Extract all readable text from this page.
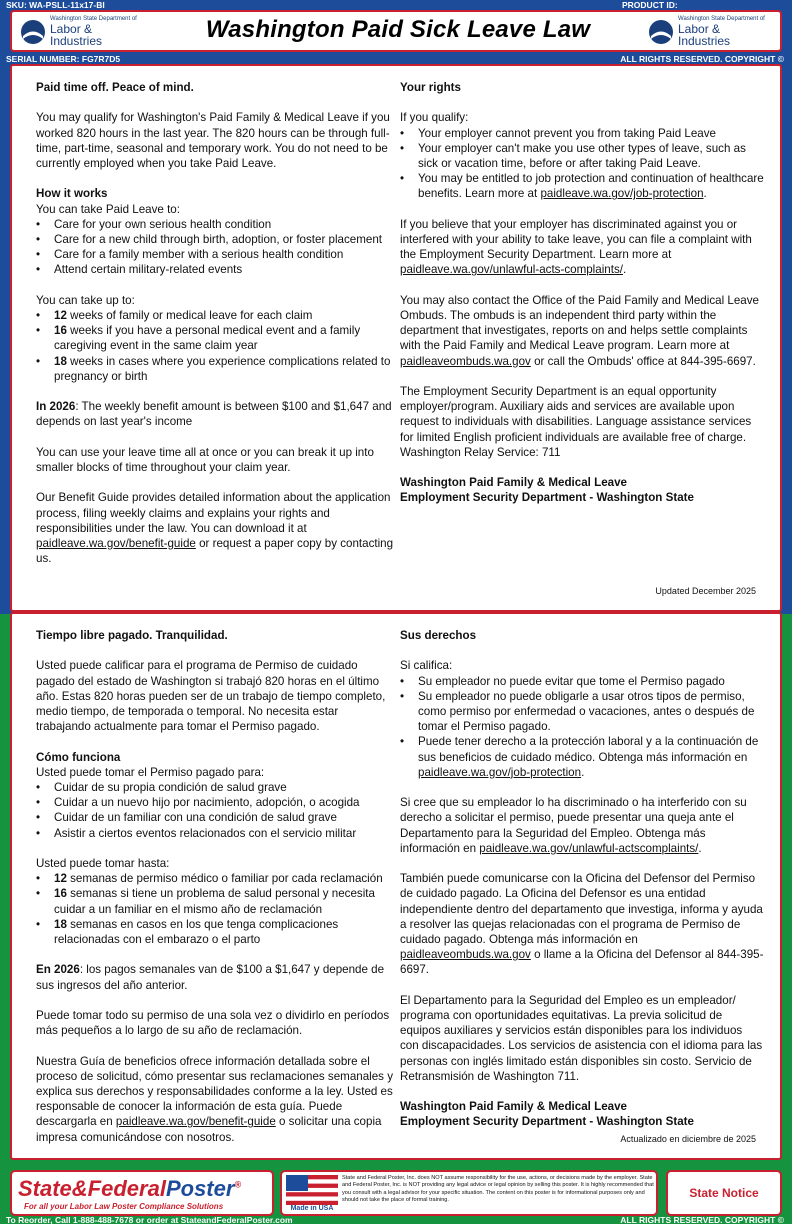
SKU: WA-PSLL-11x17-BI	PRODUCT ID:
SERIAL NUMBER: FG7R7D5	ALL RIGHTS RESERVED. COPYRIGHT ©
Washington State Department of
Labor & Industries	Washington Paid Sick Leave Law	Washington State Department of
Labor & Industries

Paid time off. Peace of mind.

You may qualify for Washington's Paid Family & Medical Leave if you worked 820 hours in the last year. The 820 hours can be through full-time, part-time, seasonal and temporary work. You do not need to be currently employed when you take Paid Leave.

How it works
You can take Paid Leave to:
• Care for your own serious health condition
• Care for a new child through birth, adoption, or foster placement
• Care for a family member with a serious health condition
• Attend certain military-related events
You can take up to:
• 12 weeks of family or medical leave for each claim
• 16 weeks if you have a personal medical event and a family caregiving event in the same claim year
• 18 weeks in cases where you experience complications related to pregnancy or birth

In 2026: The weekly benefit amount is between $100 and $1,647 and depends on last year's income

You can use your leave time all at once or you can break it up into smaller blocks of time throughout your claim year.

Our Benefit Guide provides detailed information about the application process, filing weekly claims and explains your rights and responsibilities under the law. You can download it at paidleave.wa.gov/benefit-guide or request a paper copy by contacting us.

Your rights

If you qualify:
• Your employer cannot prevent you from taking Paid Leave
• Your employer can't make you use other types of leave, such as sick or vacation time, before or after taking Paid Leave.
• You may be entitled to job protection and continuation of healthcare benefits. Learn more at paidleave.wa.gov/job-protection.

If you believe that your employer has discriminated against you or interfered with your ability to take leave, you can file a complaint with the Employment Security Department. Learn more at paidleave.wa.gov/unlawful-acts-complaints/.

You may also contact the Office of the Paid Family and Medical Leave Ombuds. The ombuds is an independent third party within the department that investigates, reports on and helps settle complaints with the Paid Family and Medical Leave program. Learn more at paidleaveombuds.wa.gov or call the Ombuds' office at 844-395-6697.

The Employment Security Department is an equal opportunity employer/program. Auxiliary aids and services are available upon request to individuals with disabilities. Language assistance services for limited English proficient individuals are available free of charge. Washington Relay Service: 711

Washington Paid Family & Medical Leave
Employment Security Department - Washington State
Updated December 2025

Tiempo libre pagado. Tranquilidad.

Usted puede calificar para el programa de Permiso de cuidado pagado del estado de Washington si trabajó 820 horas en el último año. Estas 820 horas pueden ser de un trabajo de tiempo completo, medio tiempo, de temporada o temporal. No necesita estar trabajando actualmente para tomar el Permiso pagado.

Cómo funciona
Usted puede tomar el Permiso pagado para:
• Cuidar de su propia condición de salud grave
• Cuidar a un nuevo hijo por nacimiento, adopción, o acogida
• Cuidar de un familiar con una condición de salud grave
• Asistir a ciertos eventos relacionados con el servicio militar
Usted puede tomar hasta:
• 12 semanas de permiso médico o familiar por cada reclamación
• 16 semanas si tiene un problema de salud personal y necesita cuidar a un familiar en el mismo año de reclamación
• 18 semanas en casos en los que tenga complicaciones relacionadas con el embarazo o el parto

En 2026: los pagos semanales van de $100 a $1,647 y depende de sus ingresos del año anterior.

Puede tomar todo su permiso de una sola vez o dividirlo en períodos más pequeños a lo largo de su año de reclamación.

Nuestra Guía de beneficios ofrece información detallada sobre el proceso de solicitud, cómo presentar sus reclamaciones semanales y explica sus derechos y responsabilidades conforme a la ley. Usted es responsable de conocer la información de esta guía. Puede descargarla en paidleave.wa.gov/benefit-guide o solicitar una copia impresa comunicándose con nosotros.

Sus derechos

Si califica:
• Su empleador no puede evitar que tome el Permiso pagado
• Su empleador no puede obligarle a usar otros tipos de permiso, como permiso por enfermedad o vacaciones, antes o después de tomar el Permiso pagado.
• Puede tener derecho a la protección laboral y a la continuación de sus beneficios de cuidado médico. Obtenga más información en paidleave.wa.gov/job-protection.

Si cree que su empleador lo ha discriminado o ha interferido con su derecho a solicitar el permiso, puede presentar una queja ante el Departamento para la Seguridad del Empleo. Obtenga más información en paidleave.wa.gov/unlawful-actscomplaints/.

También puede comunicarse con la Oficina del Defensor del Permiso de cuidado pagado. La Oficina del Defensor es una entidad independiente dentro del departamento que investiga, informa y ayuda a resolver las quejas relacionadas con el programa de Permiso de cuidado pagado. Obtenga más información en paidleaveombuds.wa.gov o llame a la Oficina del Defensor al 844-395-6697.

El Departamento para la Seguridad del Empleo es un empleador/ programa con oportunidades equitativas. La previa solicitud de equipos auxiliares y servicios están disponibles para los individuos con discapacidades. Los servicios de asistencia con el idioma para las personas con inglés limitado están disponibles sin costo. Servicio de Retransmisión de Washington 711.

Washington Paid Family & Medical Leave
Employment Security Department - Washington State
Actualizado en diciembre de 2025
State&FederalPoster®
For all your Labor Law Poster Compliance Solutions	Made in USA
State and Federal Poster, Inc. does NOT assume responsibility for the use, actions, or decisions made by the employer. State and Federal Poster, Inc. is NOT providing any legal advice or legal opinion by selling this poster. It is highly recommended that you consult with a legal advisor for your specific situation. The content on this poster is for informational purposes only and should not take the place of formal training.	State Notice
To Reorder, Call 1-888-488-7678 or order at StateandFederalPoster.com	ALL RIGHTS RESERVED. COPYRIGHT ©
